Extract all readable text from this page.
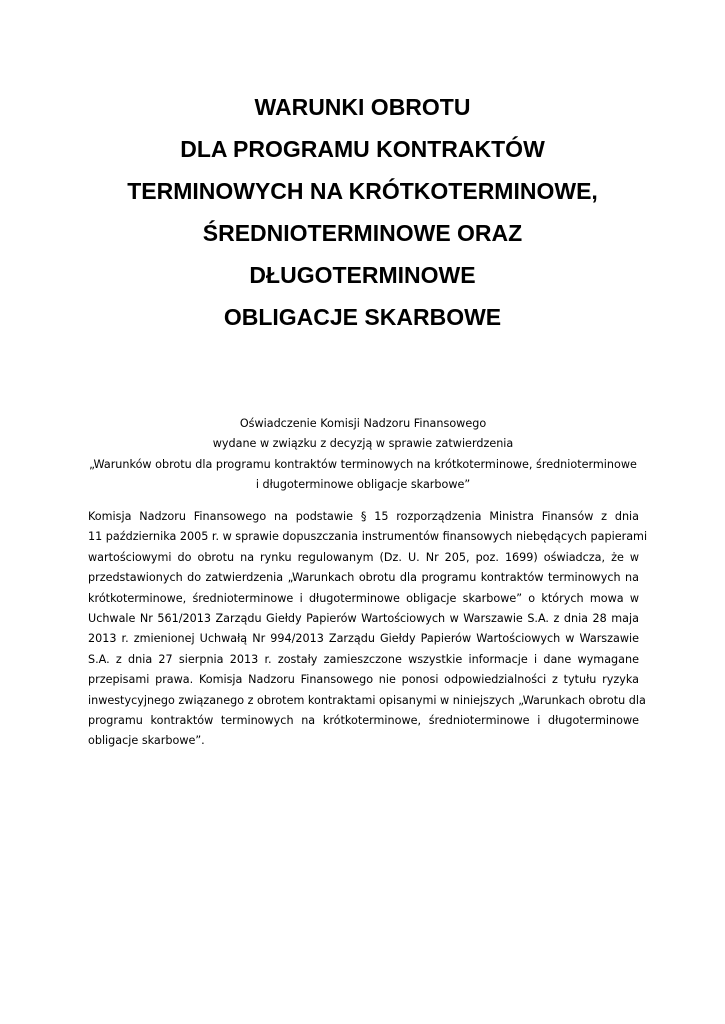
WARUNKI OBROTU
DLA PROGRAMU KONTRAKTÓW
TERMINOWYCH NA KRÓTKOTERMINOWE,
ŚREDNIOTERMINOWE ORAZ
DŁUGOTERMINOWE
OBLIGACJE SKARBOWE
Oświadczenie Komisji Nadzoru Finansowego
wydane w związku z decyzją w sprawie zatwierdzenia
„Warunków obrotu dla programu kontraktów terminowych na krótkoterminowe, średnioterminowe
i długoterminowe obligacje skarbowe”
Komisja Nadzoru Finansowego na podstawie § 15 rozporządzenia Ministra Finansów z dnia
11 października 2005 r. w sprawie dopuszczania instrumentów finansowych niebędących papierami
wartościowymi do obrotu na rynku regulowanym (Dz. U. Nr 205, poz. 1699) oświadcza, że w
przedstawionych do zatwierdzenia „Warunkach obrotu dla programu kontraktów terminowych na
krótkoterminowe, średnioterminowe i długoterminowe obligacje skarbowe” o których mowa w
Uchwale Nr 561/2013 Zarządu Giełdy Papierów Wartościowych w Warszawie S.A. z dnia 28 maja
2013 r. zmienionej Uchwałą Nr 994/2013 Zarządu Giełdy Papierów Wartościowych w Warszawie
S.A. z dnia 27 sierpnia 2013 r. zostały zamieszczone wszystkie informacje i dane wymagane
przepisami prawa. Komisja Nadzoru Finansowego nie ponosi odpowiedzialności z tytułu ryzyka
inwestycyjnego związanego z obrotem kontraktami opisanymi w niniejszych „Warunkach obrotu dla
programu kontraktów terminowych na krótkoterminowe, średnioterminowe i długoterminowe
obligacje skarbowe”.
